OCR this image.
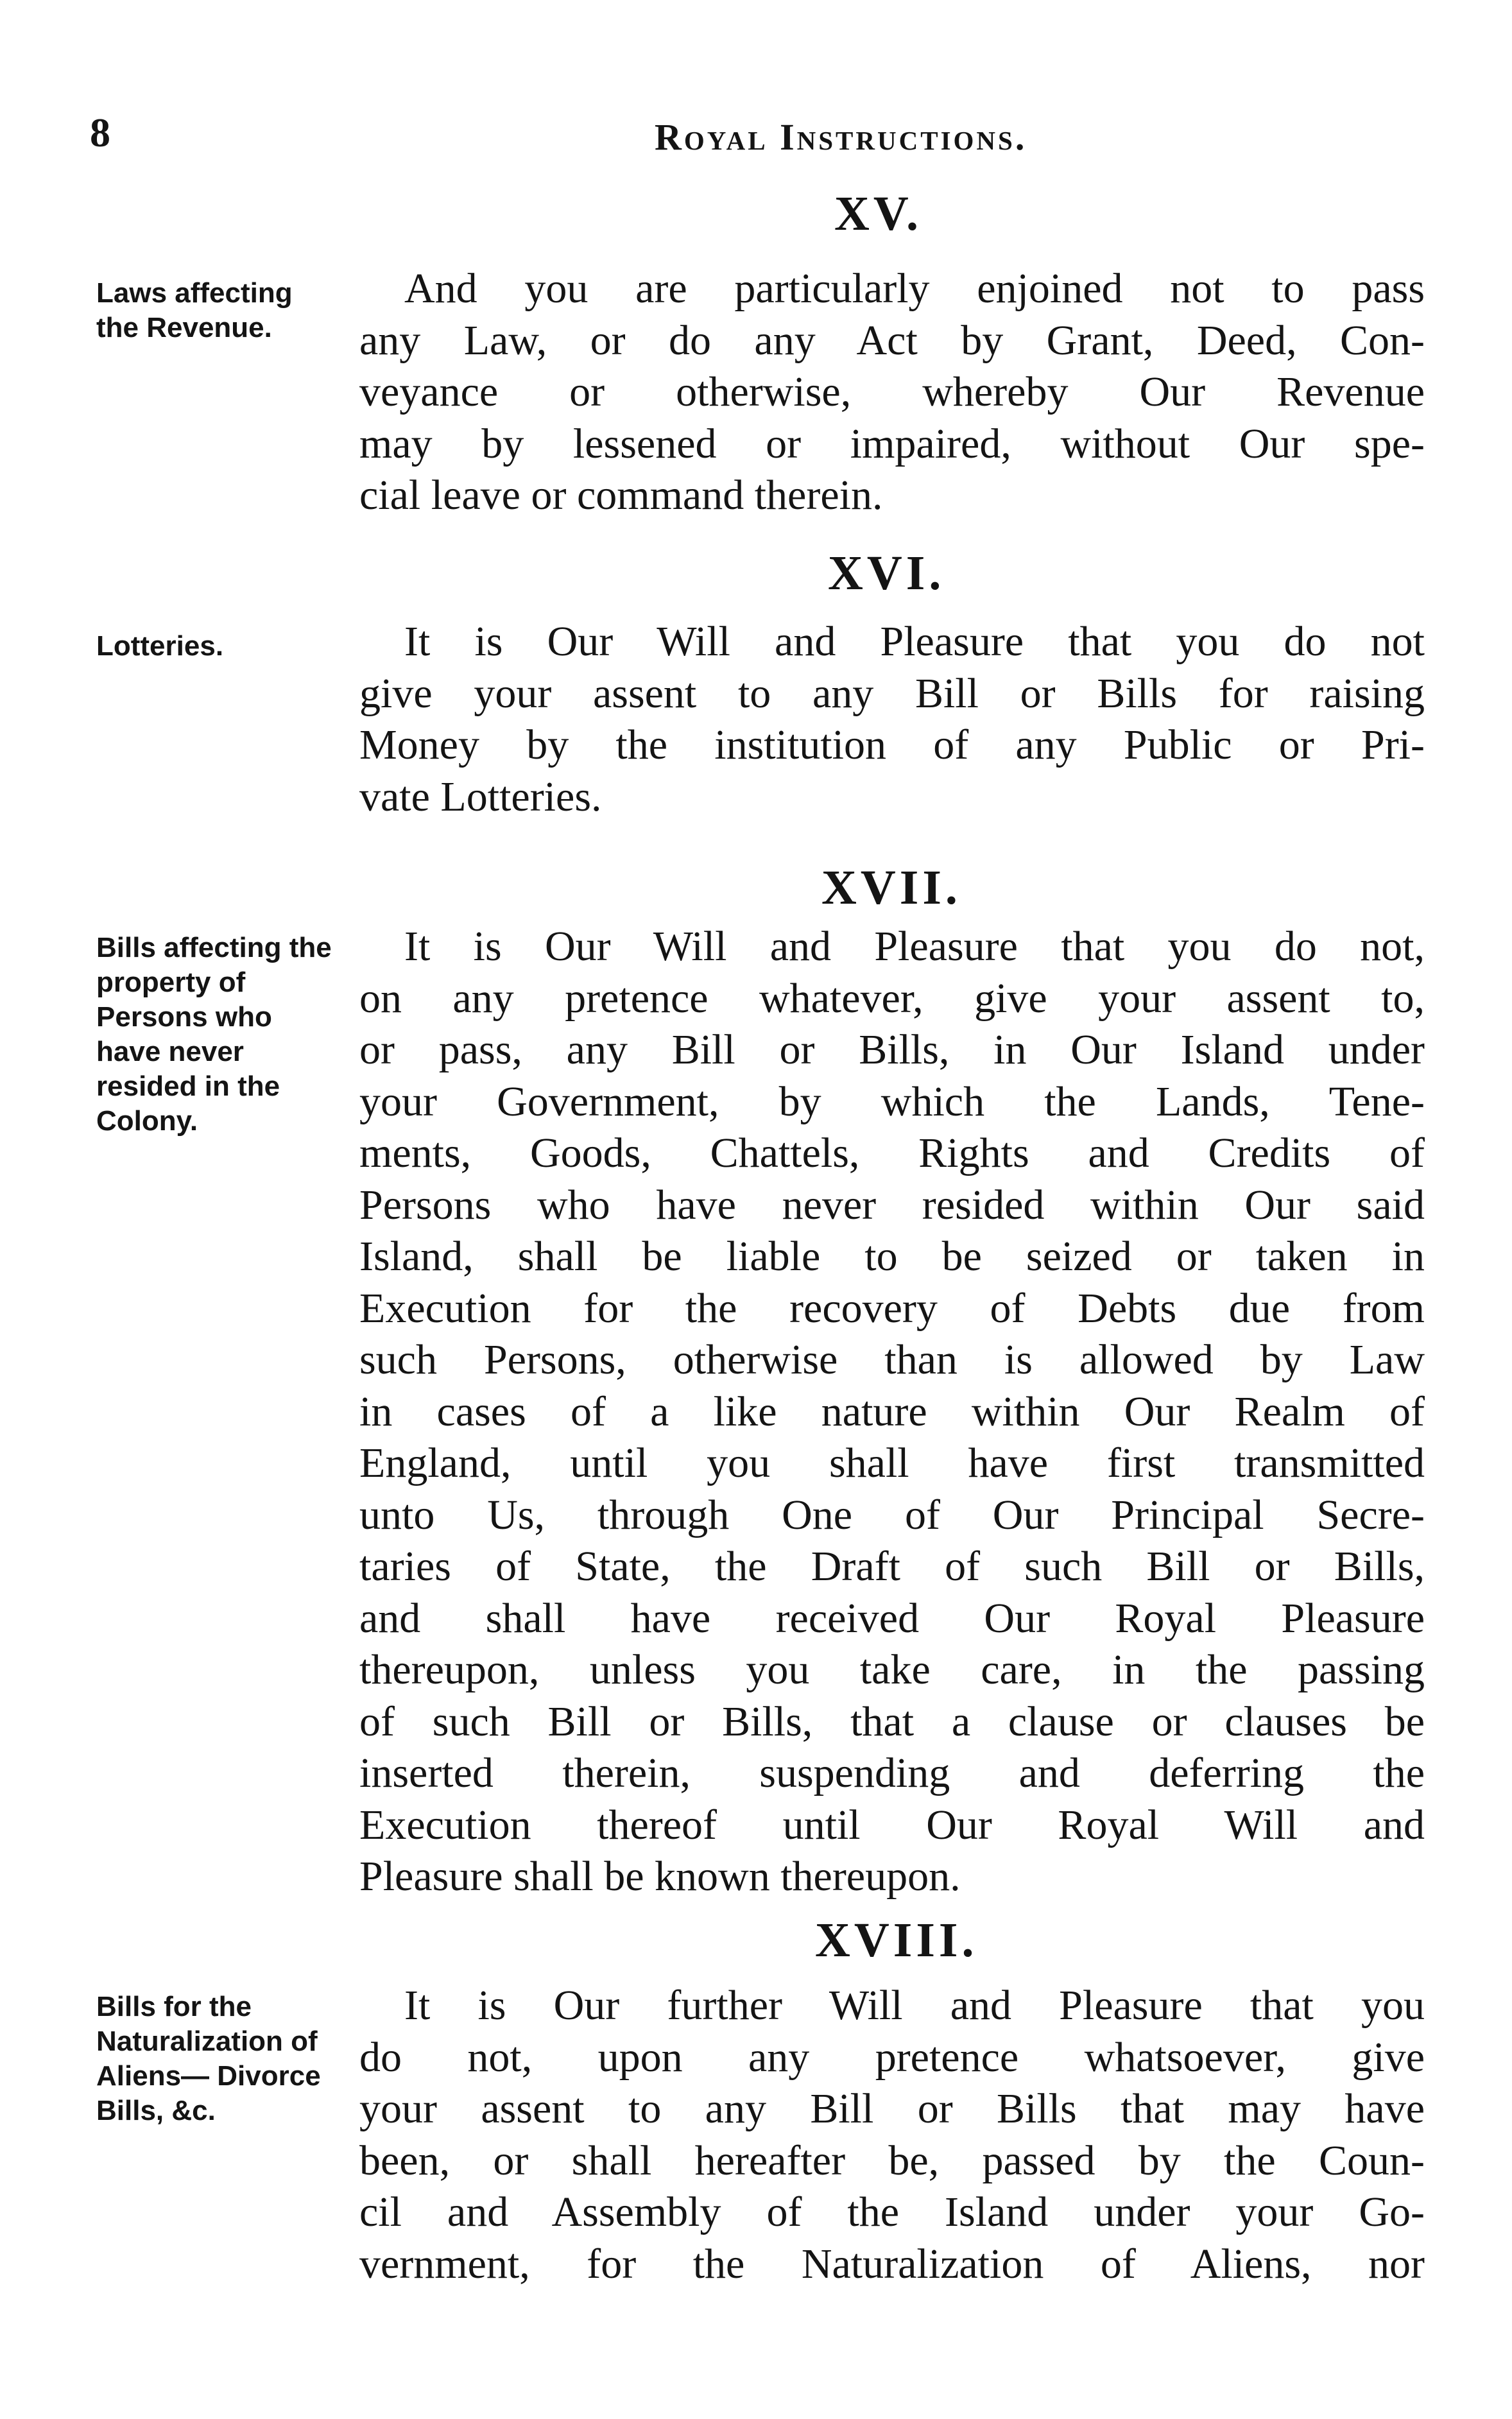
8	Royal Instructions.
XV.
Laws affecting the Revenue.
And you are particularly enjoined not to pass
any Law, or do any Act by Grant, Deed, Con-
veyance or otherwise, whereby Our Revenue
may by lessened or impaired, without Our spe-
cial leave or command therein.
XVI.
Lotteries.	It is Our Will and Pleasure that you do not
give your assent to any Bill or Bills for raising
Money by the institution of any Public or Pri-
vate Lotteries.
XVII.
Bills affecting the property of Persons who have never resided in the Colony.
It is Our Will and Pleasure that you do not,
on any pretence whatever, give your assent to,
or pass, any Bill or Bills, in Our Island under
your Government, by which the Lands, Tene-
ments, Goods, Chattels, Rights and Credits of
Persons who have never resided within Our said
Island, shall be liable to be seized or taken in
Execution for the recovery of Debts due from
such Persons, otherwise than is allowed by Law
in cases of a like nature within Our Realm of
England, until you shall have first transmitted
unto Us, through One of Our Principal Secre-
taries of State, the Draft of such Bill or Bills,
and shall have received Our Royal Pleasure
thereupon, unless you take care, in the passing
of such Bill or Bills, that a clause or clauses be
inserted therein, suspending and deferring the
Execution thereof until Our Royal Will and
Pleasure shall be known thereupon.
XVIII.
Bills for the Naturalization of Aliens— Divorce Bills, &c.
It is Our further Will and Pleasure that you
do not, upon any pretence whatsoever, give
your assent to any Bill or Bills that may have
been, or shall hereafter be, passed by the Coun-
cil and Assembly of the Island under your Go-
vernment, for the Naturalization of Aliens, nor
